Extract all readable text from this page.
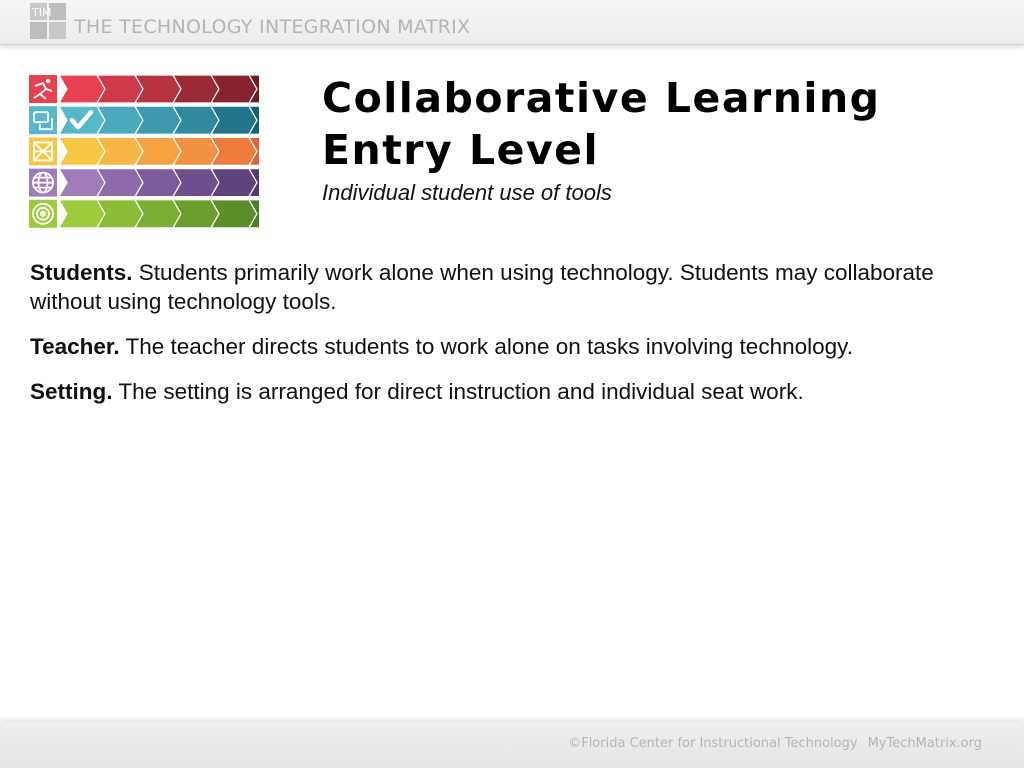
TIM
THE TECHNOLOGY INTEGRATION MATRIX
Collaborative Learning
Entry Level
Individual student use of tools

Students. Students primarily work alone when using technology. Students may collaborate without using technology tools.

Teacher. The teacher directs students to work alone on tasks involving technology.

Setting. The setting is arranged for direct instruction and individual seat work.

©Florida Center for Instructional Technology MyTechMatrix.org
